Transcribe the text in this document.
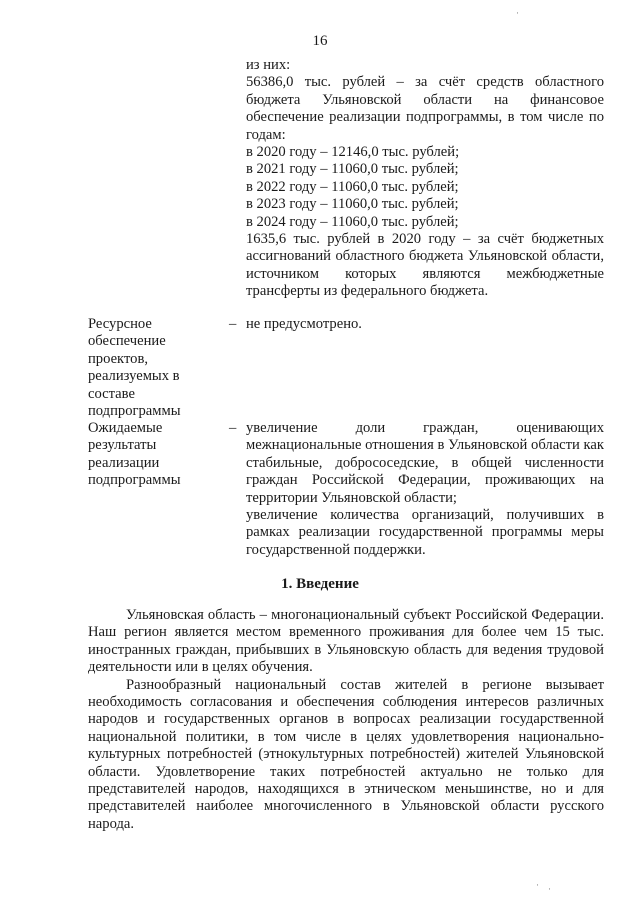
16
из них:
56386,0 тыс. рублей – за счёт средств областного бюджета Ульяновской области на финансовое обеспечение реализации подпрограммы, в том числе по годам:
в 2020 году – 12146,0 тыс. рублей;
в 2021 году – 11060,0 тыс. рублей;
в 2022 году – 11060,0 тыс. рублей;
в 2023 году – 11060,0 тыс. рублей;
в 2024 году – 11060,0 тыс. рублей;
1635,6 тыс. рублей в 2020 году – за счёт бюджетных ассигнований областного бюджета Ульяновской области, источником которых являются межбюджетные трансферты из федерального бюджета.
Ресурсное обеспечение проектов, реализуемых в составе подпрограммы
– не предусмотрено.
Ожидаемые результаты реализации подпрограммы
– увеличение доли граждан, оценивающих межнациональные отношения в Ульяновской области как стабильные, добрососедские, в общей численности граждан Российской Федерации, проживающих на территории Ульяновской области;
увеличение количества организаций, получивших в рамках реализации государственной программы меры государственной поддержки.
1. Введение

Ульяновская область – многонациональный субъект Российской Федерации. Наш регион является местом временного проживания для более чем 15 тыс. иностранных граждан, прибывших в Ульяновскую область для ведения трудовой деятельности или в целях обучения.

Разнообразный национальный состав жителей в регионе вызывает необходимость согласования и обеспечения соблюдения интересов различных народов и государственных органов в вопросах реализации государственной национальной политики, в том числе в целях удовлетворения национально-культурных потребностей (этнокультурных потребностей) жителей Ульяновской области. Удовлетворение таких потребностей актуально не только для представителей народов, находящихся в этническом меньшинстве, но и для представителей наиболее многочисленного в Ульяновской области русского народа.

·
· ·
